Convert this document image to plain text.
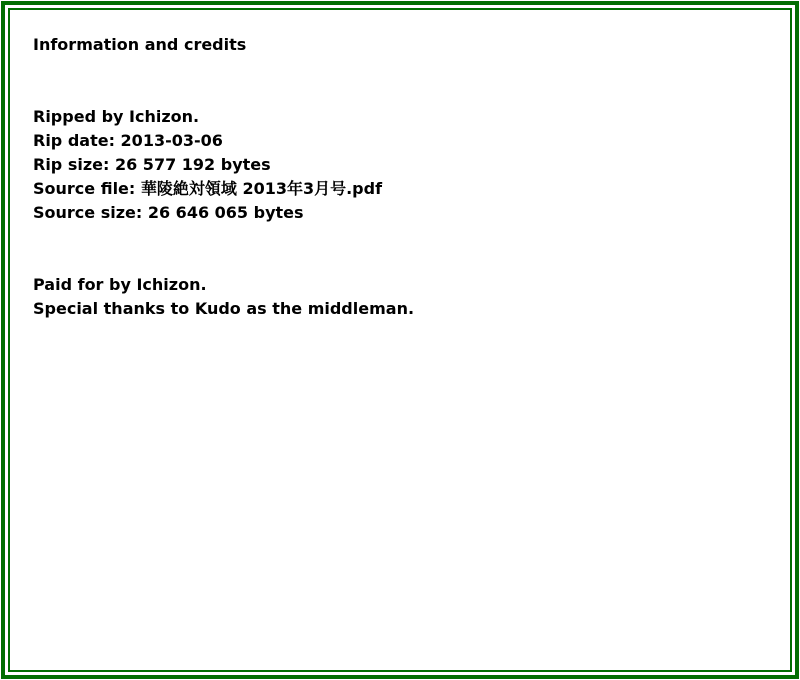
Information and credits
Ripped by Ichizon.
Rip date: 2013-03-06
Rip size: 26 577 192 bytes
Source file: 華陵絶対領域 2013年3月号.pdf
Source size: 26 646 065 bytes
Paid for by Ichizon.
Special thanks to Kudo as the middleman.
